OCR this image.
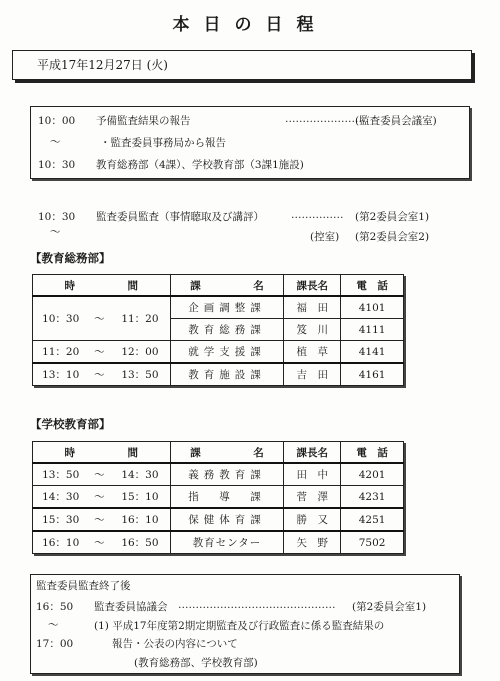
本日の日程
平成17年12月27日 (火)
10：00 予備監査結果の報告	……………………
(監査委員会議室)
〜	・監査委員事務局から報告
10：30 教育総務部（4課）、学校教育部（3課1施設)
10：30 監査委員監査（事情聴取及び講評）	…………… (第2委員会室1)
〜	(控室) (第2委員会室2)
【教育総務部】
時　　　　　間			課　　　　　名	課長名	電　話
10：30	〜	11：20	企画調整課	福　田	4101
			教育総務課	笈　川	4111
11：20	〜	12：00	就学支援課	植　草	4141
13：10	〜	13：50	教育施設課	吉　田	4161
【学校教育部】
時　　　　　間			課　　　　　名	課長名	電　話
13：50	〜	14：30	義務教育課	田　中	4201
14：30	〜	15：10	指　導　課	菅　澤	4231
15：30	〜	16：10	保健体育課	勝　又	4251
16：10	〜	16：50	教育センター	矢　野	7502
監査委員監査終了後
16：50 監査委員協議会 ……………………………………… (第2委員会室1)
〜	(1) 平成17年度第2期定期監査及び行政監査に係る監査結果の
17：00	報告・公表の内容について
(教育総務部、学校教育部)
